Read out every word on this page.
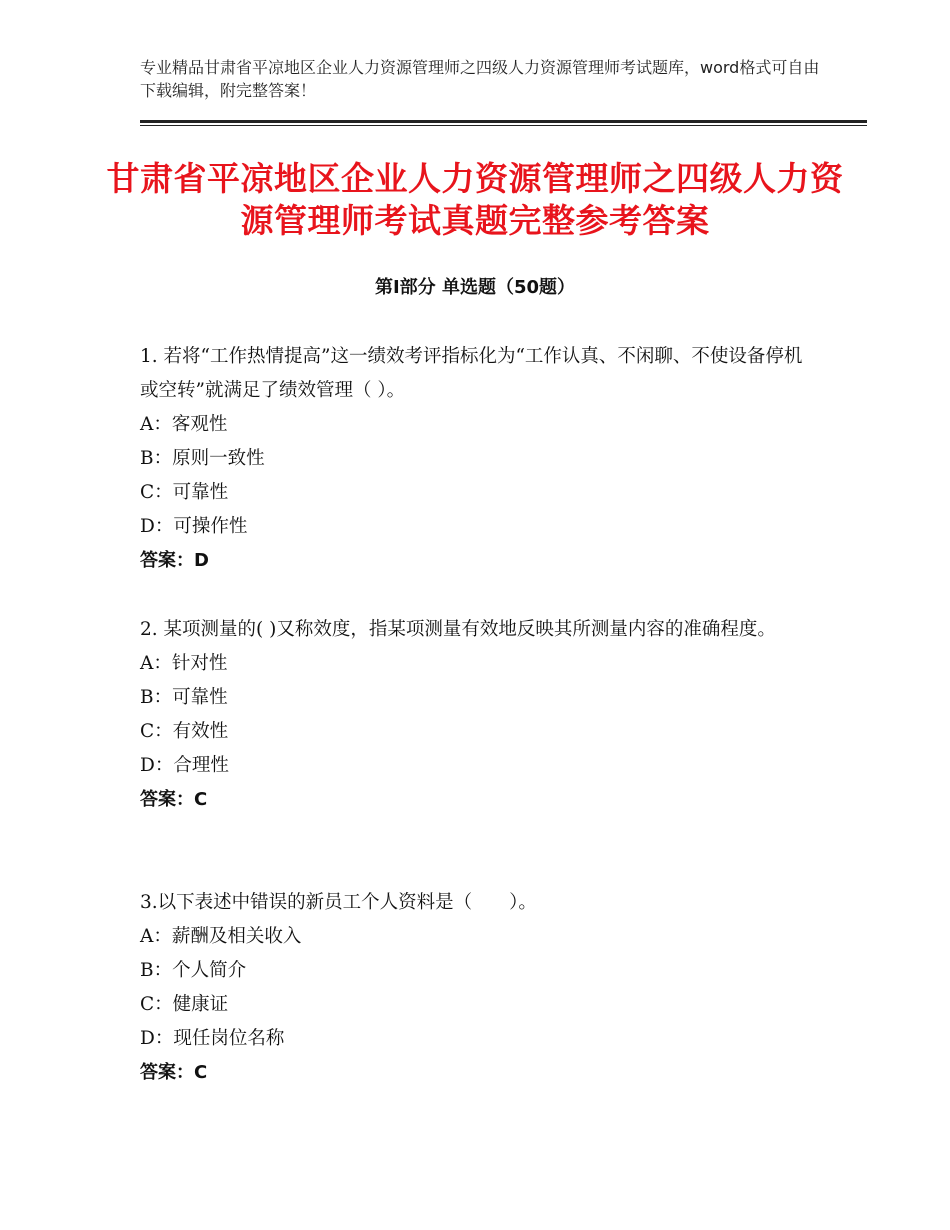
专业精品甘肃省平凉地区企业人力资源管理师之四级人力资源管理师考试题库，word格式可自由下载编辑，附完整答案！
甘肃省平凉地区企业人力资源管理师之四级人力资源管理师考试真题完整参考答案
第Ⅰ部分 单选题（50题）

1. 若将“工作热情提高”这一绩效考评指标化为“工作认真、不闲聊、不使设备停机或空转”就满足了绩效管理（ ）。

A：客观性

B：原则一致性

C：可靠性

D：可操作性

答案：D

2. 某项测量的( )又称效度，指某项测量有效地反映其所测量内容的准确程度。

A：针对性

B：可靠性

C：有效性

D：合理性

答案：C

3.以下表述中错误的新员工个人资料是（　　）。

A：薪酬及相关收入

B：个人简介

C：健康证

D：现任岗位名称

答案：C
